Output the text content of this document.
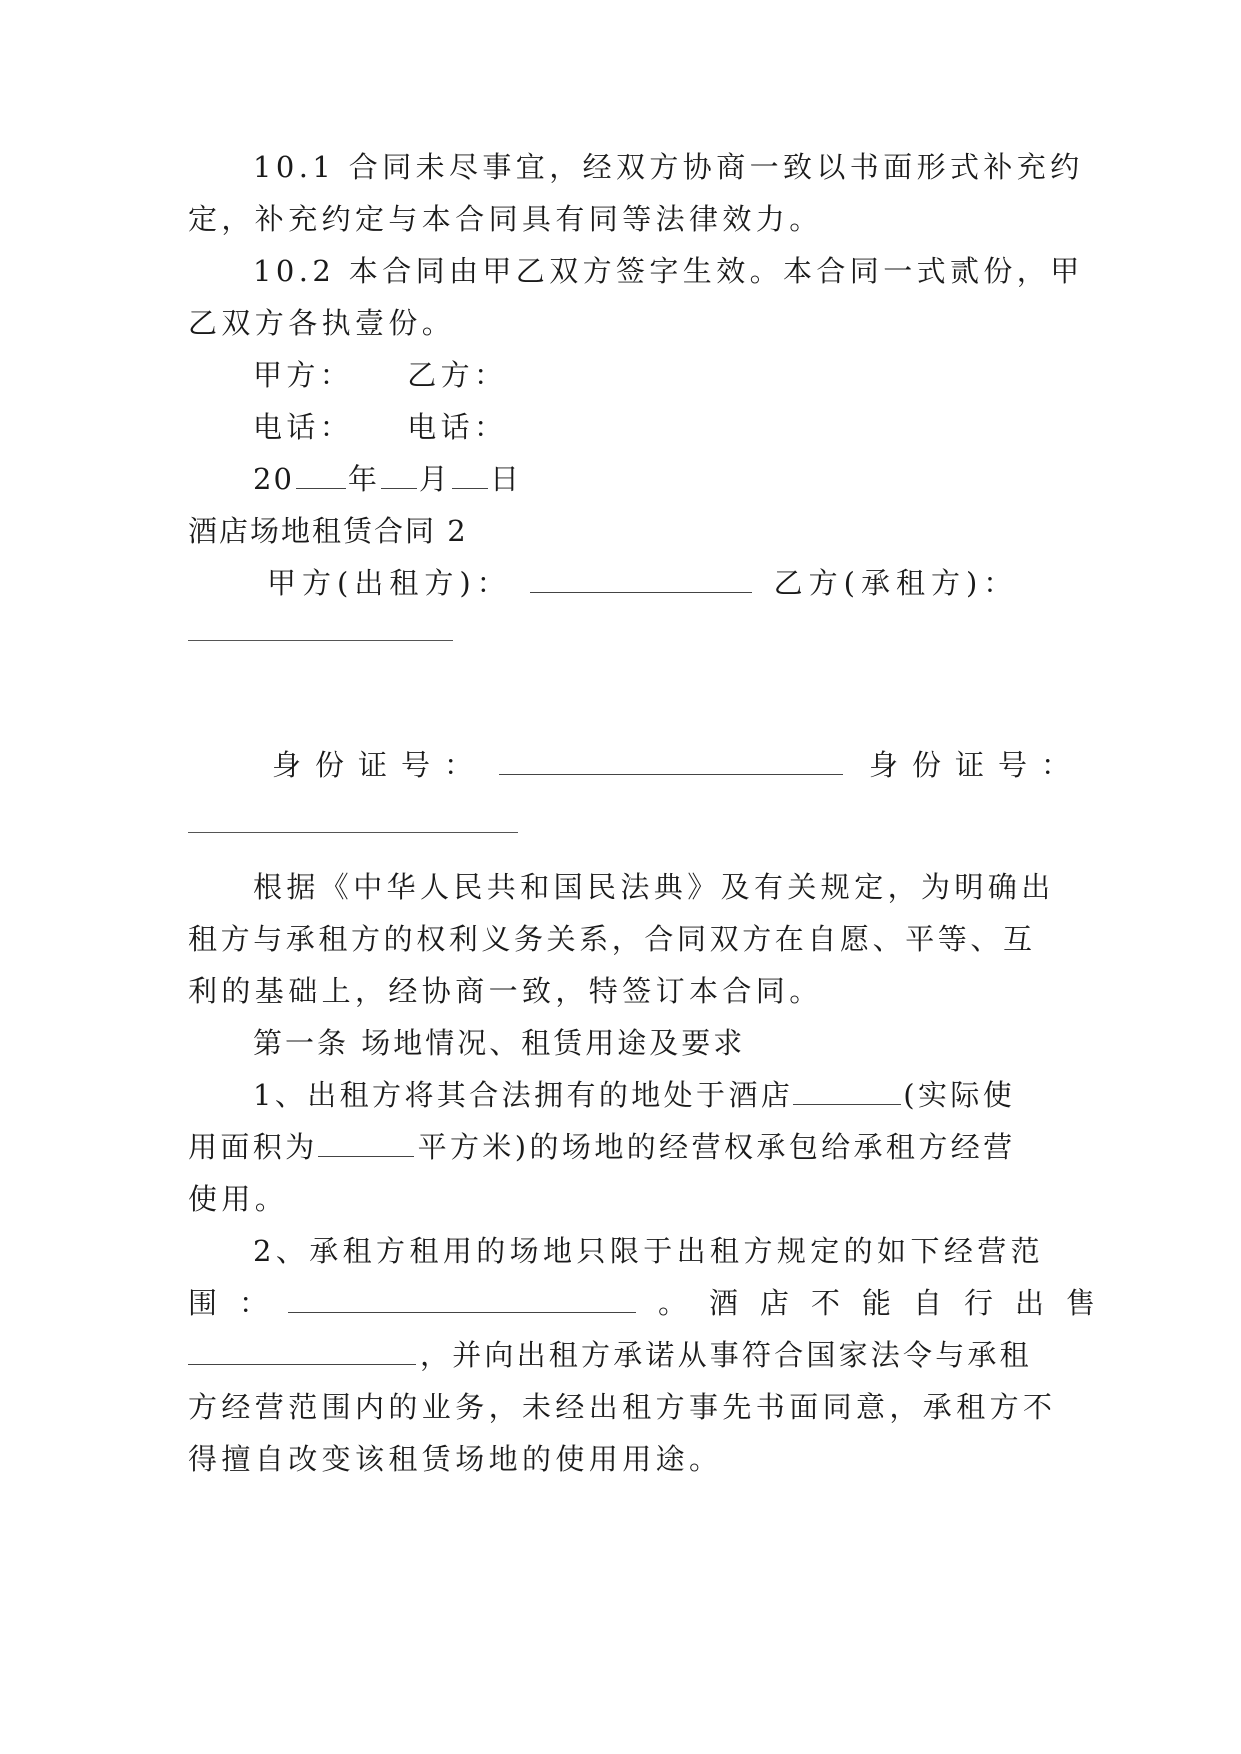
10.1 合同未尽事宜，经双方协商一致以书面形式补充约
定，补充约定与本合同具有同等法律效力。
10.2 本合同由甲乙双方签字生效。本合同一式贰份，甲
乙双方各执壹份。
甲方： 乙方：
电话： 电话：
20 年 月 日
酒店场地租赁合同 2
甲方(出租方)：	乙方(承租方)：
身份证号：	身份证号：
根据《中华人民共和国民法典》及有关规定，为明确出
租方与承租方的权利义务关系，合同双方在自愿、平等、互
利的基础上，经协商一致，特签订本合同。
第一条 场地情况、租赁用途及要求
1、出租方将其合法拥有的地处于酒店	(实际使
用面积为	平方米)的场地的经营权承包给承租方经营
使用。
2、承租方租用的场地只限于出租方规定的如下经营范
围：	。酒店不能自行出售
，并向出租方承诺从事符合国家法令与承租
方经营范围内的业务，未经出租方事先书面同意，承租方不
得擅自改变该租赁场地的使用用途。
